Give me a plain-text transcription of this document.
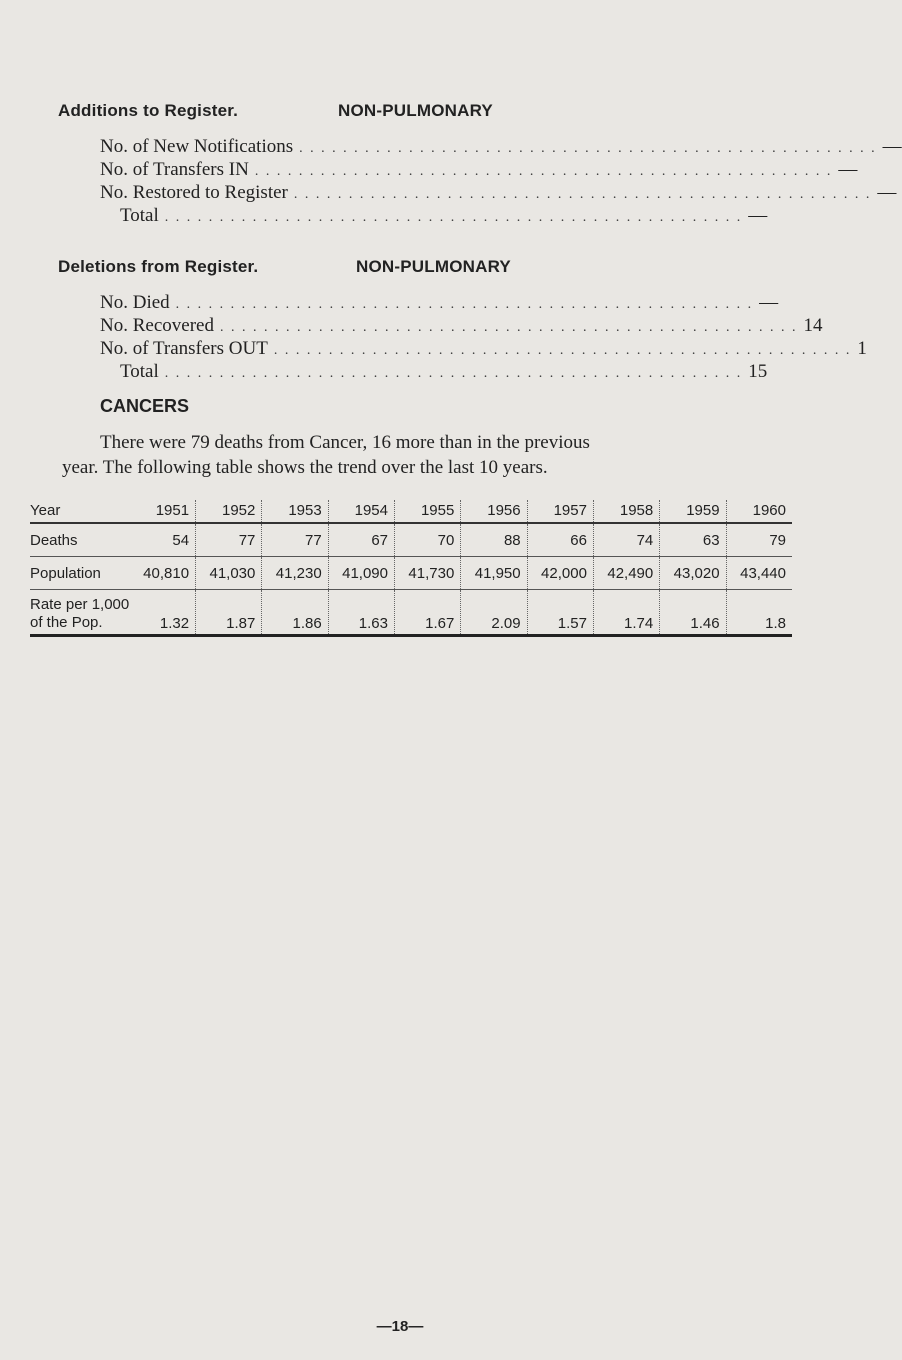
Additions to Register.	NON-PULMONARY
No. of New Notifications . . . . . . . . . . . . . . . . . . . . . . . . . . . . . . . . . . . . . . . . . . . . . . . . . . . . . —
No. of Transfers IN . . . . . . . . . . . . . . . . . . . . . . . . . . . . . . . . . . . . . . . . . . . . . . . . . . . . . —
No. Restored to Register . . . . . . . . . . . . . . . . . . . . . . . . . . . . . . . . . . . . . . . . . . . . . . . . . . . . . —
Total . . . . . . . . . . . . . . . . . . . . . . . . . . . . . . . . . . . . . . . . . . . . . . . . . . . . . —
Deletions from Register.	NON-PULMONARY
No. Died . . . . . . . . . . . . . . . . . . . . . . . . . . . . . . . . . . . . . . . . . . . . . . . . . . . . . —
No. Recovered . . . . . . . . . . . . . . . . . . . . . . . . . . . . . . . . . . . . . . . . . . . . . . . . . . . . . 14
No. of Transfers OUT . . . . . . . . . . . . . . . . . . . . . . . . . . . . . . . . . . . . . . . . . . . . . . . . . . . . . 1
Total . . . . . . . . . . . . . . . . . . . . . . . . . . . . . . . . . . . . . . . . . . . . . . . . . . . . . 15
CANCERS
There were 79 deaths from Cancer, 16 more than in the previous
year. The following table shows the trend over the last 10 years.
Year	1951	1952	1953	1954	1955	1956	1957	1958	1959	1960
Deaths	54	77	77	67	70	88	66	74	63	79
Population	40,810	41,030	41,230	41,090	41,730	41,950	42,000	42,490	43,020	43,440

Rate per 1,000
of the Pop.	1.32	1.87	1.86	1.63	1.67	2.09	1.57	1.74	1.46	1.8
—18—
